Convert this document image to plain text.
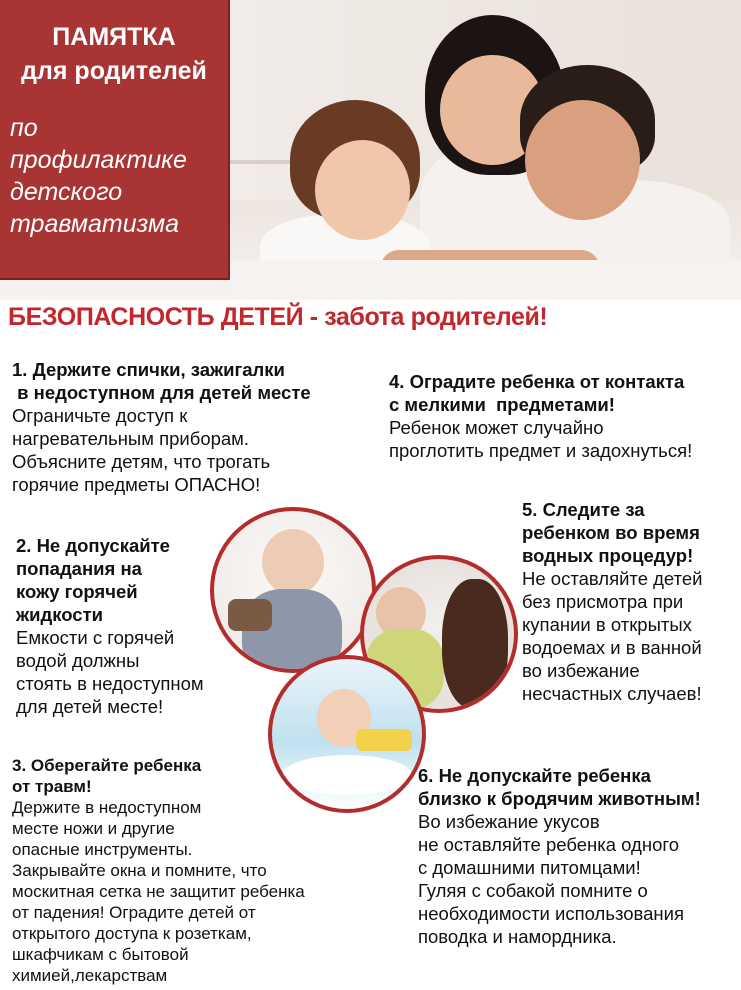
ПАМЯТКА
для родителей
по
профилактике
детского
травматизма
БЕЗОПАСНОСТЬ ДЕТЕЙ - забота родителей!
1. Держите спички, зажигалки
в недоступном для детей месте
Ограничьте доступ к
нагревательным приборам.
Объясните детям, что трогать
горячие предметы ОПАСНО!
4. Оградите ребенка от контакта
с мелкими  предметами!
Ребенок может случайно
проглотить предмет и задохнуться!
2. Не допускайте
попадания на
кожу горячей
жидкости
Емкости с горячей
водой должны
стоять в недоступном
для детей месте!
5. Следите за
ребенком во время
водных процедур!
Не оставляйте детей
без присмотра при
купании в открытых
водоемах и в ванной
во избежание
несчастных случаев!
3. Оберегайте ребенка
от травм!
Держите в недоступном
месте ножи и другие
опасные инструменты.
Закрывайте окна и помните, что
москитная сетка не защитит ребенка
от падения! Оградите детей от
открытого доступа к розеткам,
шкафчикам с бытовой
химией,лекарствам
6. Не допускайте ребенка
близко к бродячим животным!
Во избежание укусов
не оставляйте ребенка одного
с домашними питомцами!
Гуляя с собакой помните о
необходимости использования
поводка и намордника.
